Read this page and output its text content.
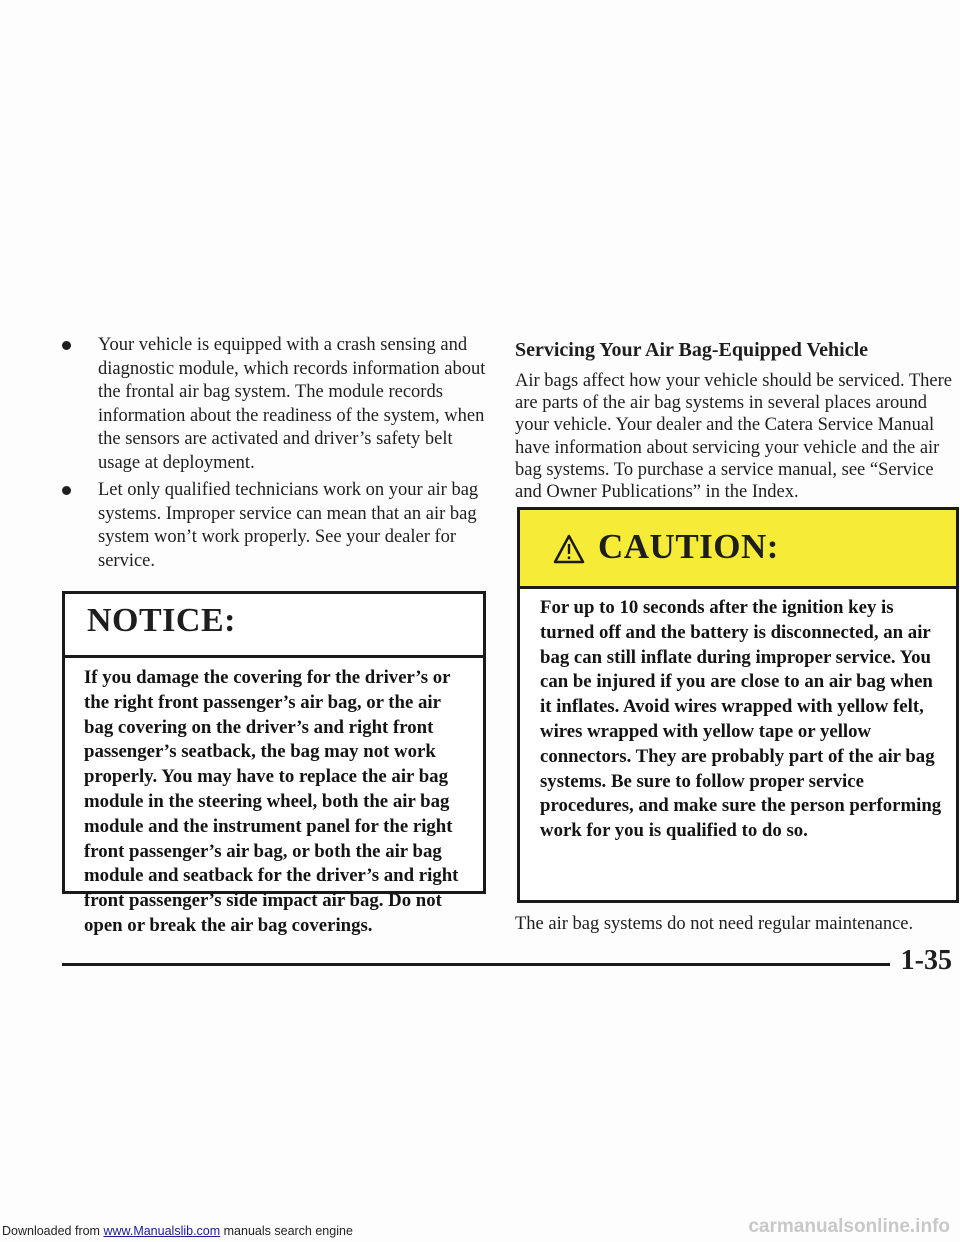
Your vehicle is equipped with a crash sensing and diagnostic module, which records information about the frontal air bag system. The module records information about the readiness of the system, when the sensors are activated and driver’s safety belt usage at deployment.
Let only qualified technicians work on your air bag systems. Improper service can mean that an air bag system won’t work properly. See your dealer for service.
NOTICE:
If you damage the covering for the driver’s or the right front passenger’s air bag, or the air bag covering on the driver’s and right front passenger’s seatback, the bag may not work properly. You may have to replace the air bag module in the steering wheel, both the air bag module and the instrument panel for the right front passenger’s air bag, or both the air bag module and seatback for the driver’s and right front passenger’s side impact air bag. Do not open or break the air bag coverings.
Servicing Your Air Bag-Equipped Vehicle
Air bags affect how your vehicle should be serviced. There are parts of the air bag systems in several places around your vehicle. Your dealer and the Catera Service Manual have information about servicing your vehicle and the air bag systems. To purchase a service manual, see “Service and Owner Publications” in the Index.
CAUTION:
For up to 10 seconds after the ignition key is turned off and the battery is disconnected, an air bag can still inflate during improper service. You can be injured if you are close to an air bag when it inflates. Avoid wires wrapped with yellow felt, wires wrapped with yellow tape or yellow connectors. They are probably part of the air bag systems. Be sure to follow proper service procedures, and make sure the person performing work for you is qualified to do so.
The air bag systems do not need regular maintenance.
1-35
Downloaded from www.Manualslib.com manuals search engine	carmanualsonline.info
